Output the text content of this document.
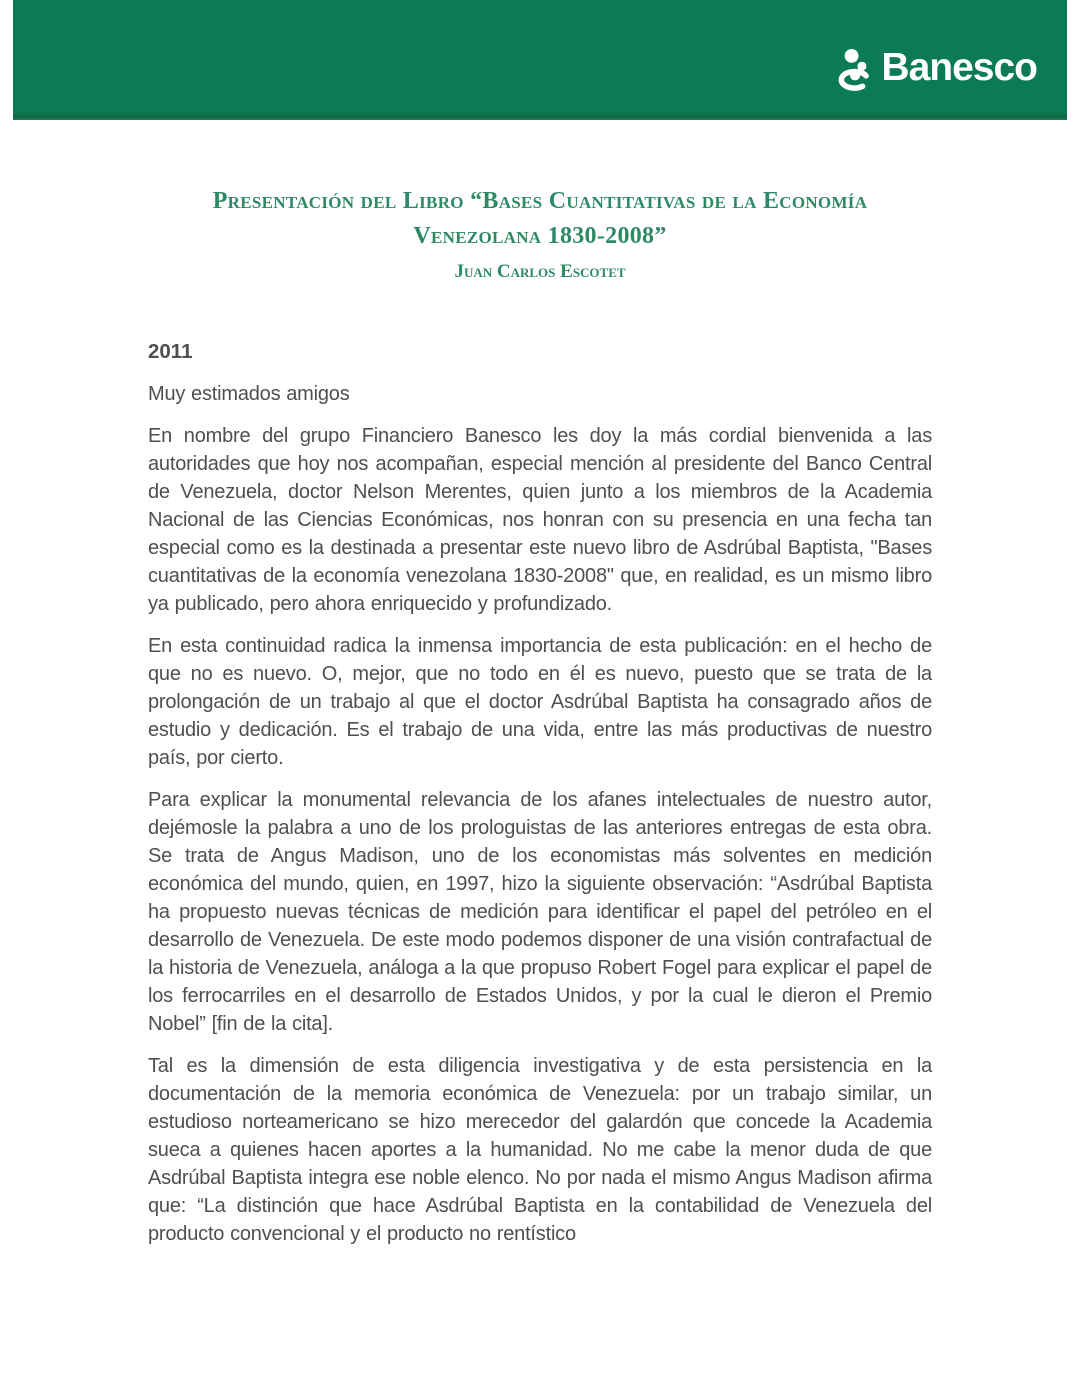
Banesco
Presentación del Libro “Bases Cuantitativas de la Economía
Venezolana 1830-2008”
Juan Carlos Escotet

2011

Muy estimados amigos

En nombre del grupo Financiero Banesco les doy la más cordial bienvenida a las autoridades que hoy nos acompañan, especial mención al presidente del Banco Central de Venezuela, doctor Nelson Merentes, quien junto a los miembros de la Academia Nacional de las Ciencias Económicas, nos honran con su presencia en una fecha tan especial como es la destinada a presentar este nuevo libro de Asdrúbal Baptista, "Bases cuantitativas de la economía venezolana 1830-2008" que, en realidad, es un mismo libro ya publicado, pero ahora enriquecido y profundizado.

En esta continuidad radica la inmensa importancia de esta publicación: en el hecho de que no es nuevo. O, mejor, que no todo en él es nuevo, puesto que se trata de la prolongación de un trabajo al que el doctor Asdrúbal Baptista ha consagrado años de estudio y dedicación. Es el trabajo de una vida, entre las más productivas de nuestro país, por cierto.

Para explicar la monumental relevancia de los afanes intelectuales de nuestro autor, dejémosle la palabra a uno de los prologuistas de las anteriores entregas de esta obra. Se trata de Angus Madison, uno de los economistas más solventes en medición económica del mundo, quien, en 1997, hizo la siguiente observación: “Asdrúbal Baptista ha propuesto nuevas técnicas de medición para identificar el papel del petróleo en el desarrollo de Venezuela. De este modo podemos disponer de una visión contrafactual de la historia de Venezuela, análoga a la que propuso Robert Fogel para explicar el papel de los ferrocarriles en el desarrollo de Estados Unidos, y por la cual le dieron el Premio Nobel” [fin de la cita].

Tal es la dimensión de esta diligencia investigativa y de esta persistencia en la documentación de la memoria económica de Venezuela: por un trabajo similar, un estudioso norteamericano se hizo merecedor del galardón que concede la Academia sueca a quienes hacen aportes a la humanidad. No me cabe la menor duda de que Asdrúbal Baptista integra ese noble elenco. No por nada el mismo Angus Madison afirma que: “La distinción que hace Asdrúbal Baptista en la contabilidad de Venezuela del producto convencional y el producto no rentístico
